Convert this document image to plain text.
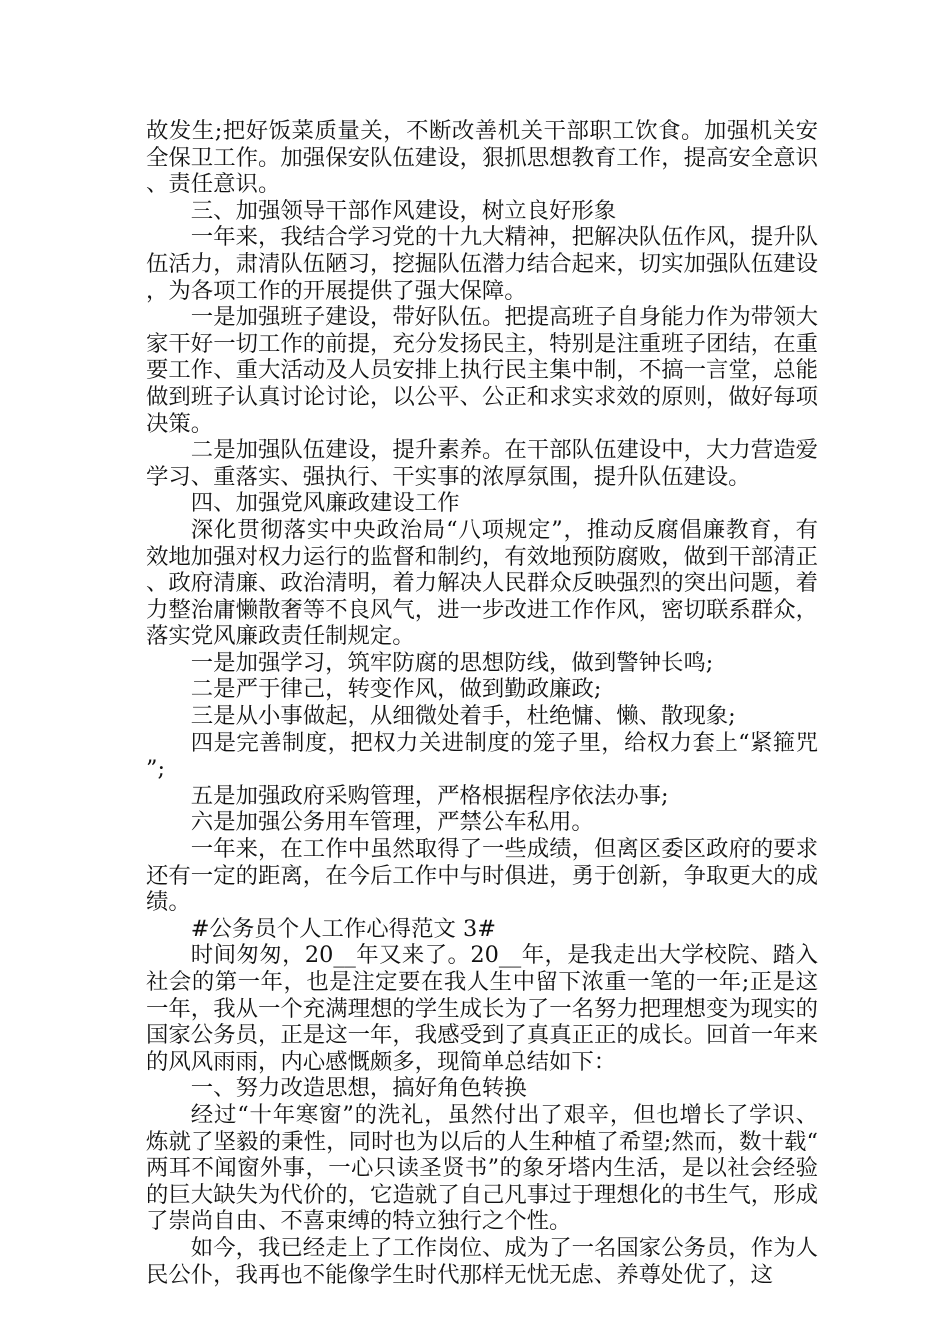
故发生;把好饭菜质量关，不断改善机关干部职工饮食。加强机关安全保卫工作。加强保安队伍建设，狠抓思想教育工作，提高安全意识、责任意识。

三、加强领导干部作风建设，树立良好形象

一年来，我结合学习党的十九大精神，把解决队伍作风，提升队伍活力，肃清队伍陋习，挖掘队伍潜力结合起来，切实加强队伍建设，为各项工作的开展提供了强大保障。

一是加强班子建设，带好队伍。把提高班子自身能力作为带领大家干好一切工作的前提，充分发扬民主，特别是注重班子团结，在重要工作、重大活动及人员安排上执行民主集中制，不搞一言堂，总能做到班子认真讨论讨论，以公平、公正和求实求效的原则，做好每项决策。

二是加强队伍建设，提升素养。在干部队伍建设中，大力营造爱学习、重落实、强执行、干实事的浓厚氛围，提升队伍建设。

四、加强党风廉政建设工作

深化贯彻落实中央政治局“八项规定”，推动反腐倡廉教育，有效地加强对权力运行的监督和制约，有效地预防腐败，做到干部清正、政府清廉、政治清明，着力解决人民群众反映强烈的突出问题，着力整治庸懒散奢等不良风气，进一步改进工作作风，密切联系群众，落实党风廉政责任制规定。

一是加强学习，筑牢防腐的思想防线，做到警钟长鸣;

二是严于律己，转变作风，做到勤政廉政;

三是从小事做起，从细微处着手，杜绝慵、懒、散现象;

四是完善制度，把权力关进制度的笼子里，给权力套上“紧箍咒”;

五是加强政府采购管理，严格根据程序依法办事;

六是加强公务用车管理，严禁公车私用。

一年来，在工作中虽然取得了一些成绩，但离区委区政府的要求还有一定的距离，在今后工作中与时俱进，勇于创新，争取更大的成绩。

#公务员个人工作心得范文 3#

时间匆匆，20__年又来了。20__年，是我走出大学校院、踏入社会的第一年，也是注定要在我人生中留下浓重一笔的一年;正是这一年，我从一个充满理想的学生成长为了一名努力把理想变为现实的国家公务员，正是这一年，我感受到了真真正正的成长。回首一年来的风风雨雨，内心感慨颇多，现简单总结如下：

一、努力改造思想，搞好角色转换

经过“十年寒窗”的洗礼，虽然付出了艰辛，但也增长了学识、炼就了坚毅的秉性，同时也为以后的人生种植了希望;然而，数十载“两耳不闻窗外事，一心只读圣贤书”的象牙塔内生活，是以社会经验的巨大缺失为代价的，它造就了自己凡事过于理想化的书生气，形成了崇尚自由、不喜束缚的特立独行之个性。

如今，我已经走上了工作岗位、成为了一名国家公务员，作为人民公仆，我再也不能像学生时代那样无忧无虑、养尊处优了，这
